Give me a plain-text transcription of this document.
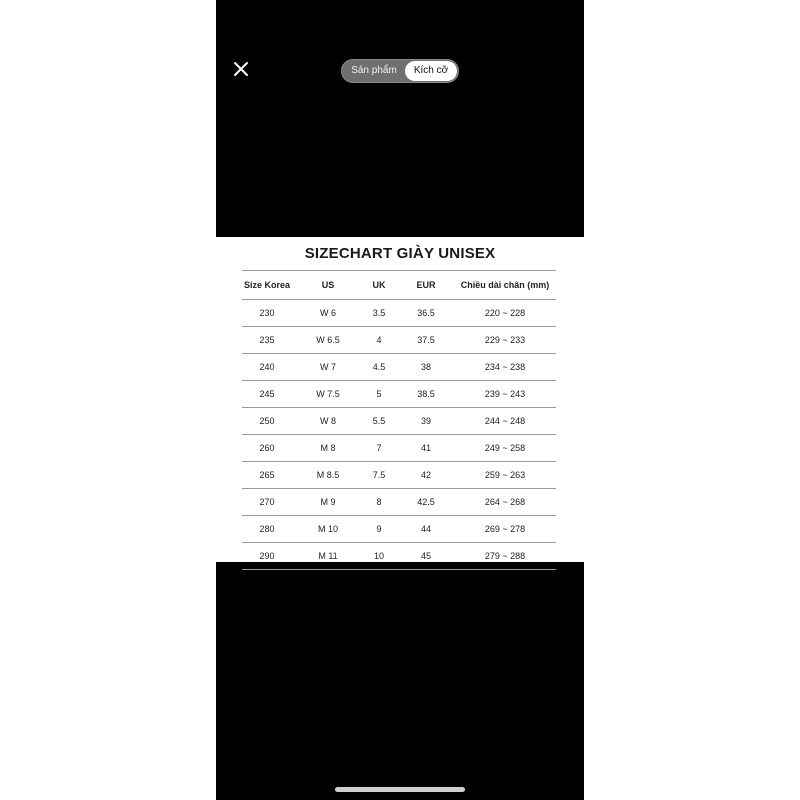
Sản phẩm	Kích cỡ
SIZECHART GIÀY UNISEX
Size Korea	US	UK	EUR	Chiều dài chân (mm)
230	W 6	3.5	36.5	220 ~ 228
235	W 6.5	4	37.5	229 ~ 233
240	W 7	4.5	38	234 ~ 238
245	W 7.5	5	38.5	239 ~ 243
250	W 8	5.5	39	244 ~ 248
260	M 8	7	41	249 ~ 258
265	M 8.5	7.5	42	259 ~ 263
270	M 9	8	42.5	264 ~ 268
280	M 10	9	44	269 ~ 278
290	M 11	10	45	279 ~ 288
